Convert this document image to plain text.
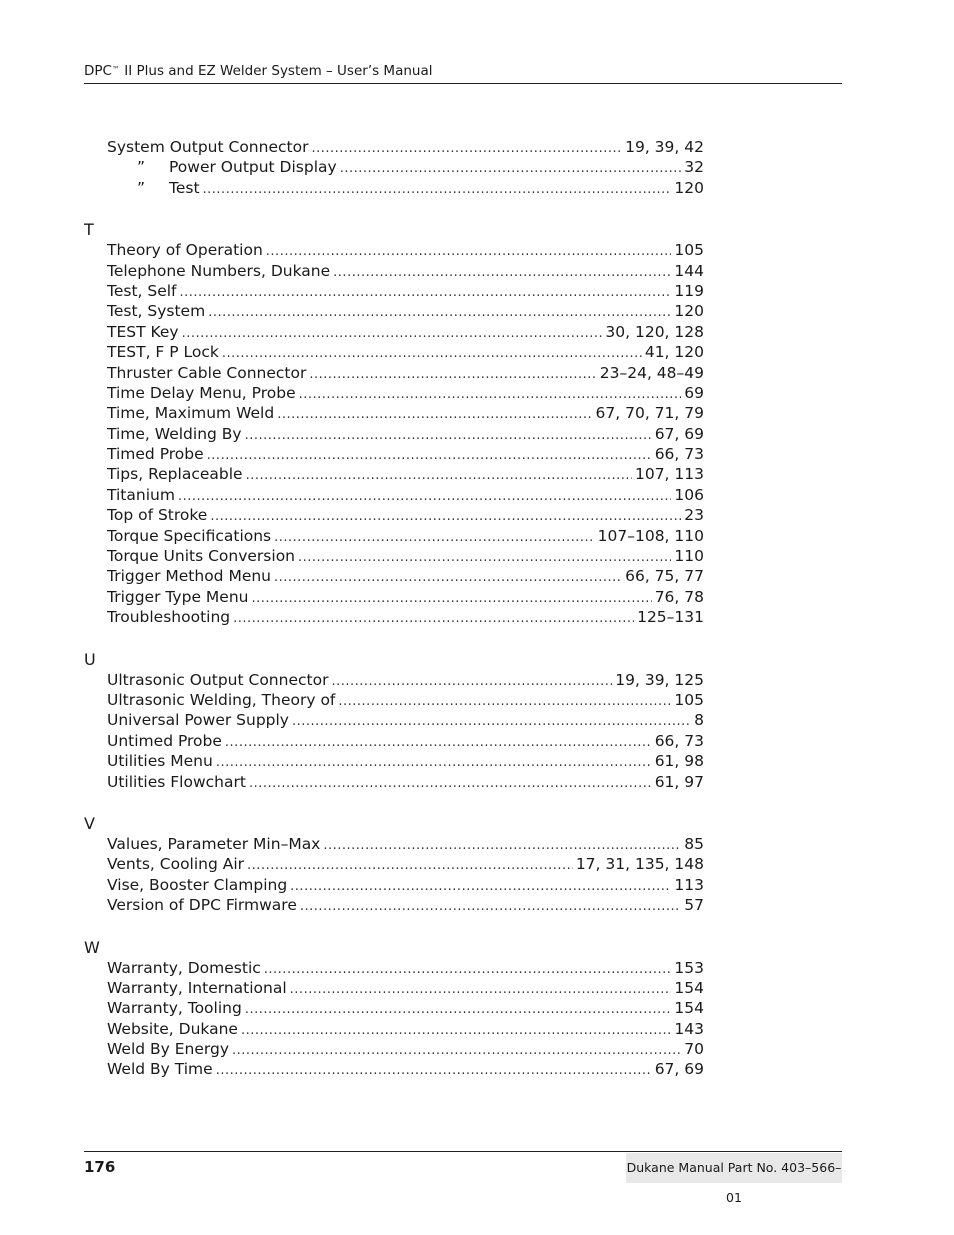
DPC™ II Plus and EZ Welder System – User’s Manual
System Output Connector .....	19, 39, 42
”	Power Output Display .....	32
”	Test .....	120
T
Theory of Operation .....	105
Telephone Numbers, Dukane .....	144
Test, Self .....	119
Test, System .....	120
TEST Key .....	30, 120, 128
TEST, F P Lock .....	41, 120
Thruster Cable Connector .....	23–24, 48–49
Time Delay Menu, Probe .....	69
Time, Maximum Weld .....	67, 70, 71, 79
Time, Welding By .....	67, 69
Timed Probe .....	66, 73
Tips, Replaceable .....	107, 113
Titanium .....	106
Top of Stroke .....	23
Torque Specifications .....	107–108, 110
Torque Units Conversion .....	110
Trigger Method Menu .....	66, 75, 77
Trigger Type Menu .....	76, 78
Troubleshooting .....	125–131
U
Ultrasonic Output Connector .....	19, 39, 125
Ultrasonic Welding, Theory of .....	105
Universal Power Supply .....	8
Untimed Probe .....	66, 73
Utilities Menu .....	61, 98
Utilities Flowchart .....	61, 97
V
Values, Parameter Min–Max .....	85
Vents, Cooling Air .....	17, 31, 135, 148
Vise, Booster Clamping .....	113
Version of DPC Firmware .....	57
W
Warranty, Domestic .....	153
Warranty, International .....	154
Warranty, Tooling .....	154
Website, Dukane .....	143
Weld By Energy .....	70
Weld By Time .....	67, 69
176	Dukane Manual Part No. 403–566–01
